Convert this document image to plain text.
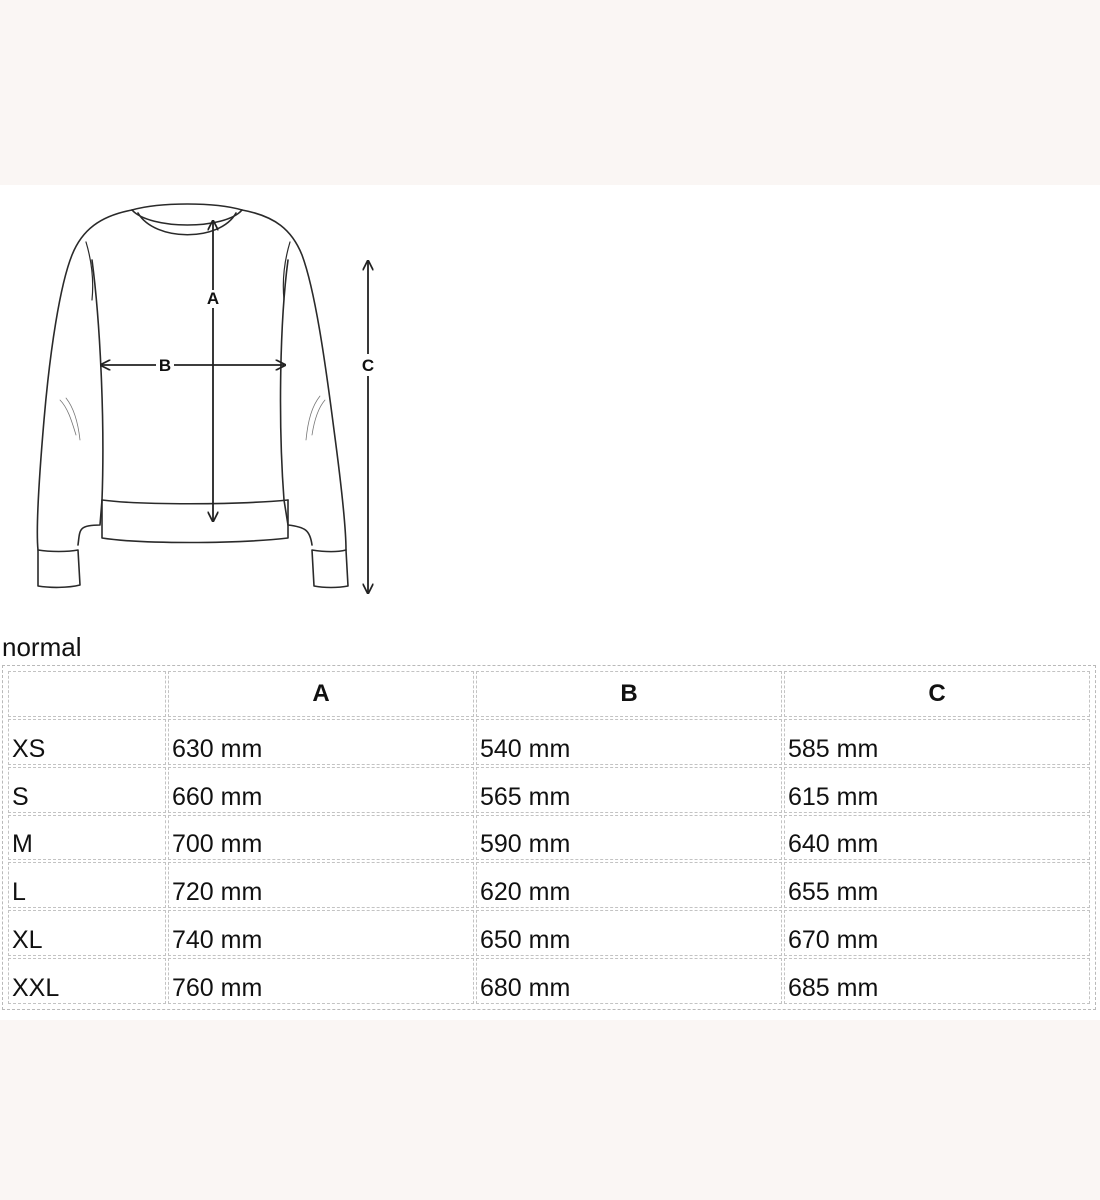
A
B	C
normal
	A	B	C
XS	630 mm	540 mm	585 mm
S	660 mm	565 mm	615 mm
M	700 mm	590 mm	640 mm
L	720 mm	620 mm	655 mm
XL	740 mm	650 mm	670 mm
XXL	760 mm	680 mm	685 mm
